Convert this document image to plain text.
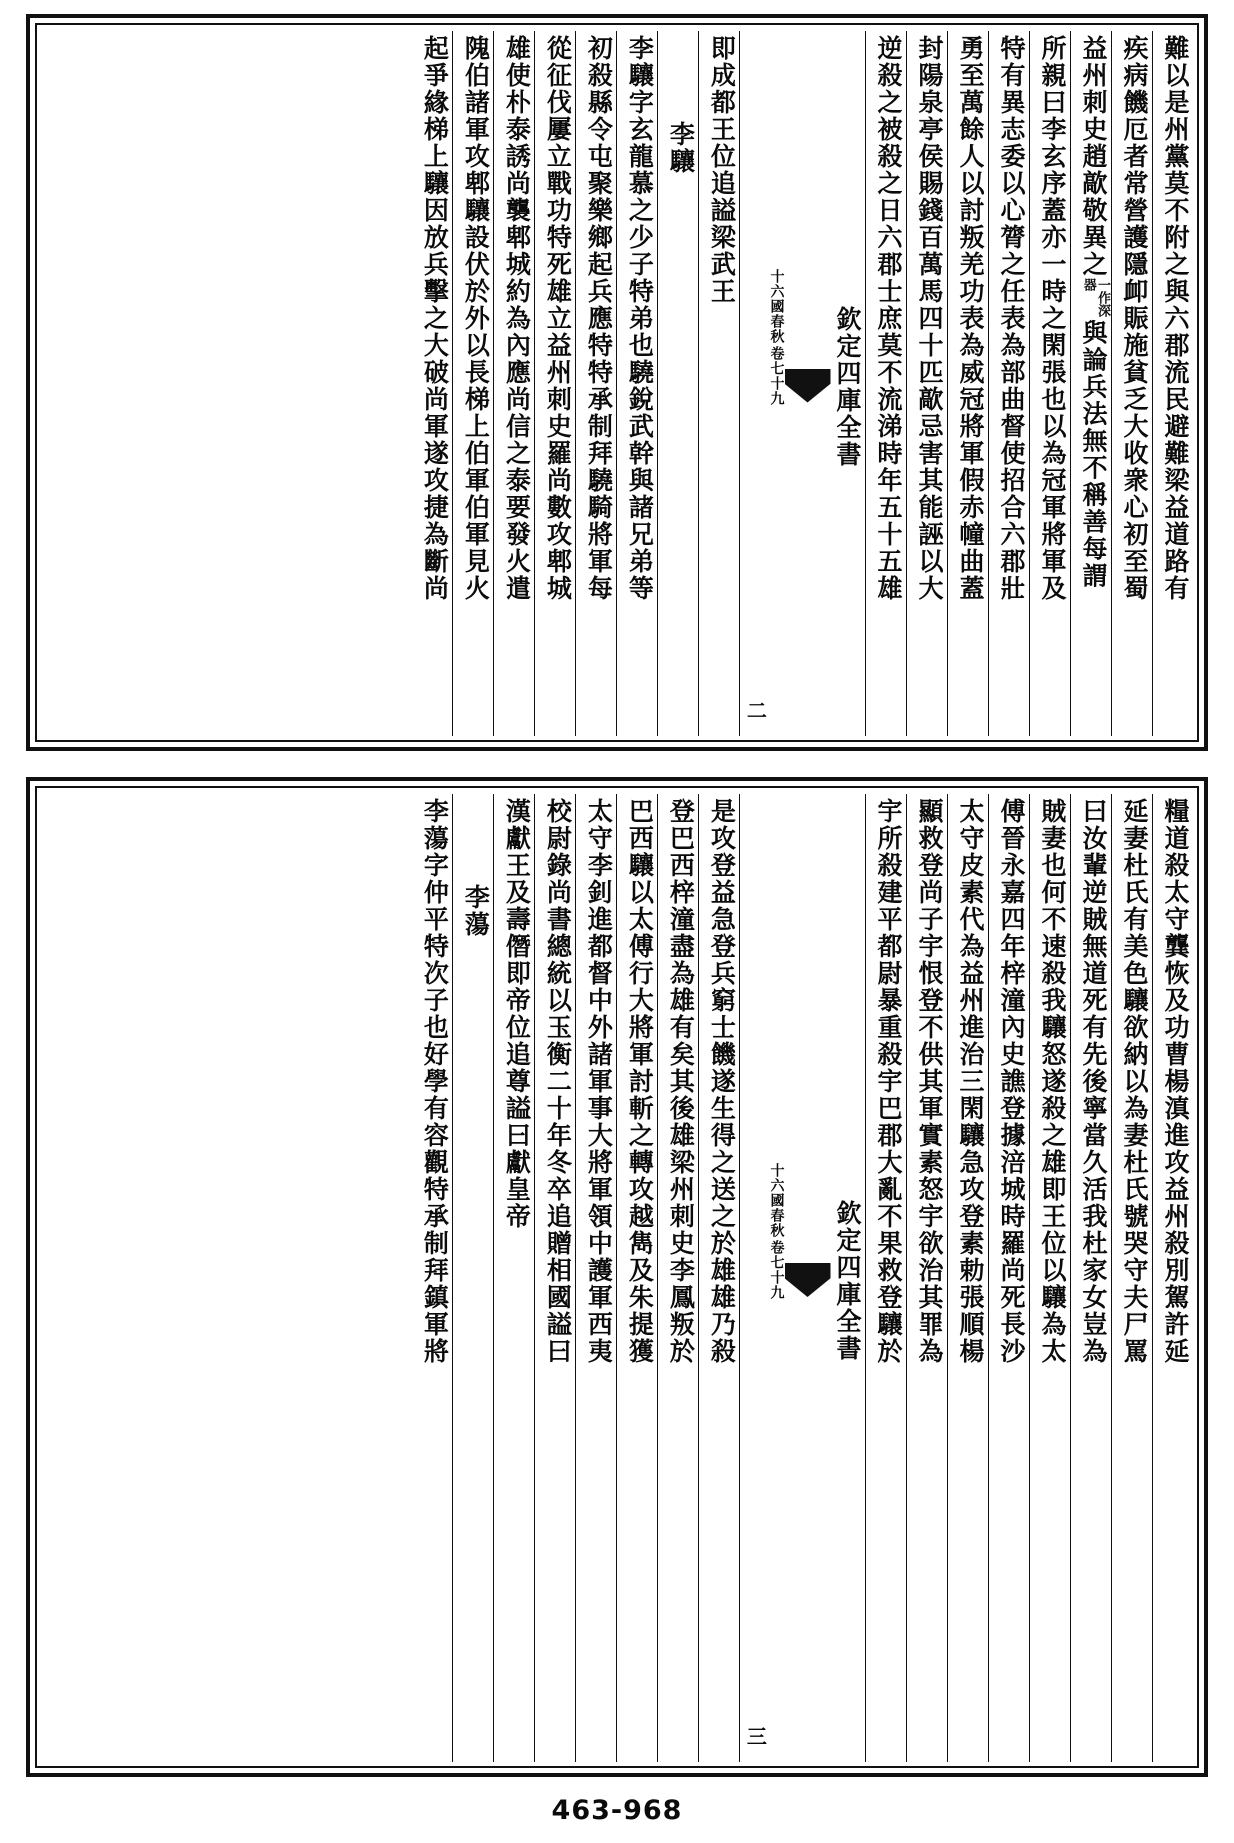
難以是州黨莫不附之與六郡流民避難梁益道路有
疾病饑厄者常營護隱卹賑施貧乏大收衆心初至蜀
益州刺史趙歊敬異之一作深器與論兵法無不稱善每謂
所親曰李玄序蓋亦一時之閑張也以為冠軍將軍及
特有異志委以心膂之任表為部曲督使招合六郡壯
勇至萬餘人以討叛羌功表為威冠將軍假赤幢曲蓋
封陽泉亭侯賜錢百萬馬四十匹歊忌害其能誣以大
逆殺之被殺之日六郡士庶莫不流涕時年五十五雄
欽定四庫全書
十六國春秋
卷七十九
二
即成都王位追謚梁武王
李驤
李驤字玄龍慕之少子特弟也驍銳武幹與諸兄弟等
初殺縣令屯聚樂鄉起兵應特特承制拜驍騎將軍每
從征伐屢立戰功特死雄立益州刺史羅尚數攻郫城
雄使朴泰誘尚襲郫城約為內應尚信之泰要發火遣
隗伯諸軍攻郫驤設伏於外以長梯上伯軍伯軍見火
起爭緣梯上驤因放兵擊之大破尚軍遂攻捷為斷尚
糧道殺太守龔恢及功曹楊滇進攻益州殺別駕許延
延妻杜氏有美色驤欲納以為妻杜氏號哭守夫尸罵
曰汝輩逆賊無道死有先後寧當久活我杜家女豈為
賊妻也何不速殺我驤怒遂殺之雄即王位以驤為太
傅晉永嘉四年梓潼內史譙登據涪城時羅尚死長沙
太守皮素代為益州進治三閑驤急攻登素勅張順楊
顯救登尚子宇恨登不供其軍實素怒宇欲治其罪為
宇所殺建平都尉暴重殺宇巴郡大亂不果救登驤於
欽定四庫全書
十六國春秋
卷七十九
三
是攻登益急登兵窮士饑遂生得之送之於雄雄乃殺
登巴西梓潼盡為雄有矣其後雄梁州刺史李鳳叛於
巴西驤以太傅行大將軍討斬之轉攻越雋及朱提獲
太守李釗進都督中外諸軍事大將軍領中護軍西夷
校尉錄尚書總統以玉衡二十年冬卒追贈相國謚曰
漢獻王及壽僭即帝位追尊謚曰獻皇帝
李蕩
李蕩字仲平特次子也好學有容觀特承制拜鎮軍將
463-968
